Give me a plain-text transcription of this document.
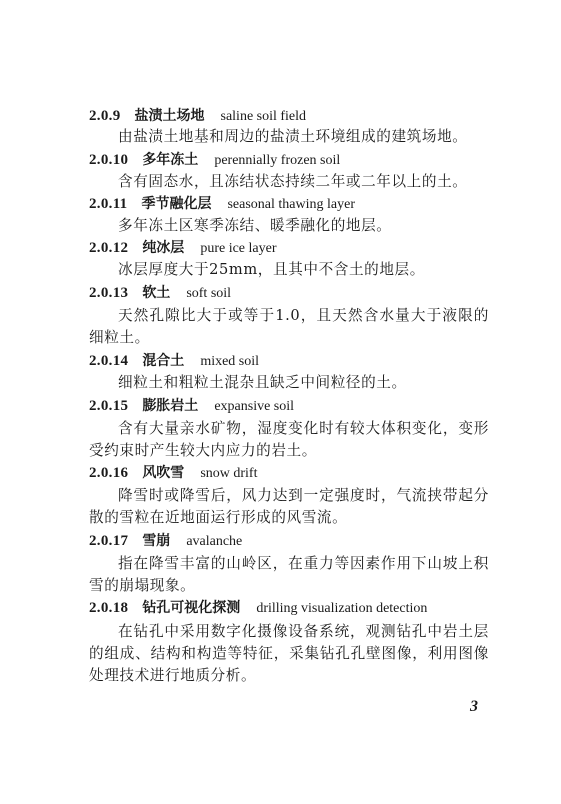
2.0.9 盐渍土场地 saline soil field
由盐渍土地基和周边的盐渍土环境组成的建筑场地。
2.0.10 多年冻土 perennially frozen soil
含有固态水，且冻结状态持续二年或二年以上的土。
2.0.11 季节融化层 seasonal thawing layer
多年冻土区寒季冻结、暖季融化的地层。
2.0.12 纯冰层 pure ice layer
冰层厚度大于25mm，且其中不含土的地层。
2.0.13 软土 soft soil
天然孔隙比大于或等于1.0，且天然含水量大于液限的细粒土。
2.0.14 混合土 mixed soil
细粒土和粗粒土混杂且缺乏中间粒径的土。
2.0.15 膨胀岩土 expansive soil
含有大量亲水矿物，湿度变化时有较大体积变化，变形受约束时产生较大内应力的岩土。
2.0.16 风吹雪 snow drift
降雪时或降雪后，风力达到一定强度时，气流挟带起分散的雪粒在近地面运行形成的风雪流。
2.0.17 雪崩 avalanche
指在降雪丰富的山岭区，在重力等因素作用下山坡上积雪的崩塌现象。
2.0.18 钻孔可视化探测 drilling visualization detection
在钻孔中采用数字化摄像设备系统，观测钻孔中岩土层的组成、结构和构造等特征，采集钻孔孔壁图像，利用图像处理技术进行地质分析。
3
